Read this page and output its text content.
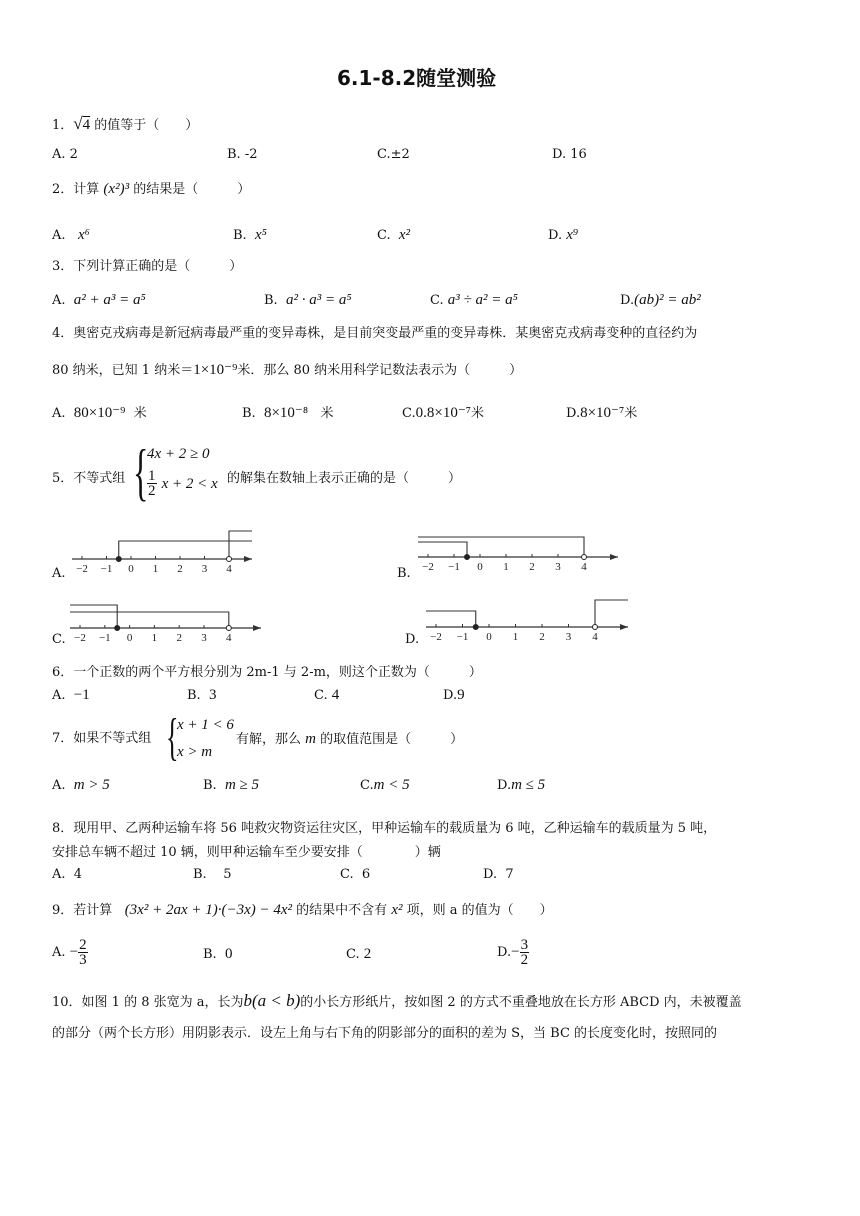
6.1-8.2随堂测验
1．√4 的值等于（　　）
A. 2	B. -2	C.±2	D. 16
2．计算 (x²)³ 的结果是（　　　）
A. x⁶	B. x⁵	C. x²	D. x⁹
3．下列计算正确的是（　　　）
A. a² + a³ = a⁵	B. a² · a³ = a⁵	C. a³ ÷ a² = a⁵	D.(ab)² = ab²
4．奥密克戎病毒是新冠病毒最严重的变异毒株，是目前突变最严重的变异毒株．某奥密克戎病毒变种的直径约为
80 纳米，已知 1 纳米＝1×10⁻⁹米．那么 80 纳米用科学记数法表示为（　　　）
A. 80×10⁻⁹ 米	B. 8×10⁻⁸ 米	C.0.8×10⁻⁷米	D.8×10⁻⁷米
5．不等式组 {
4x + 2 ≥ 0
$\frac{1}{2}$ x + 2 < x 的解集在数轴上表示正确的是（　　　）
−2 −1 0 1 2 3 4	−2 −1 0 1 2 3 4
−2 −1 0 1 2 3 4	−2 −1 0 1 2 3 4
A.	B.
C.	D.
6．一个正数的两个平方根分别为 2m-1 与 2-m，则这个正数为（　　　）
A. −1	B. 3	C. 4	D.9
7．如果不等式组 {
x + 1 < 6
x > m
有解，那么 m 的取值范围是（　　　）
A. m > 5	B. m ≥ 5	C.m < 5	D.m ≤ 5
8．现用甲、乙两种运输车将 56 吨救灾物资运往灾区，甲种运输车的载质量为 6 吨，乙种运输车的载质量为 5 吨，
安排总车辆不超过 10 辆，则甲种运输车至少要安排（　　　　）辆
A. 4	B. 5	C. 6	D. 7
9．若计算 (3x² + 2ax + 1)·(−3x) − 4x² 的结果中不含有 x² 项，则 a 的值为（　　）
A. − $\frac{2}{3}$	B. 0	C. 2	$D.- \frac{3}{2}$
10．如图 1 的 8 张宽为 a，长为b(a < b)的小长方形纸片，按如图 2 的方式不重叠地放在长方形 ABCD 内，未被覆盖
的部分（两个长方形）用阴影表示．设左上角与右下角的阴影部分的面积的差为 S，当 BC 的长度变化时，按照同的
